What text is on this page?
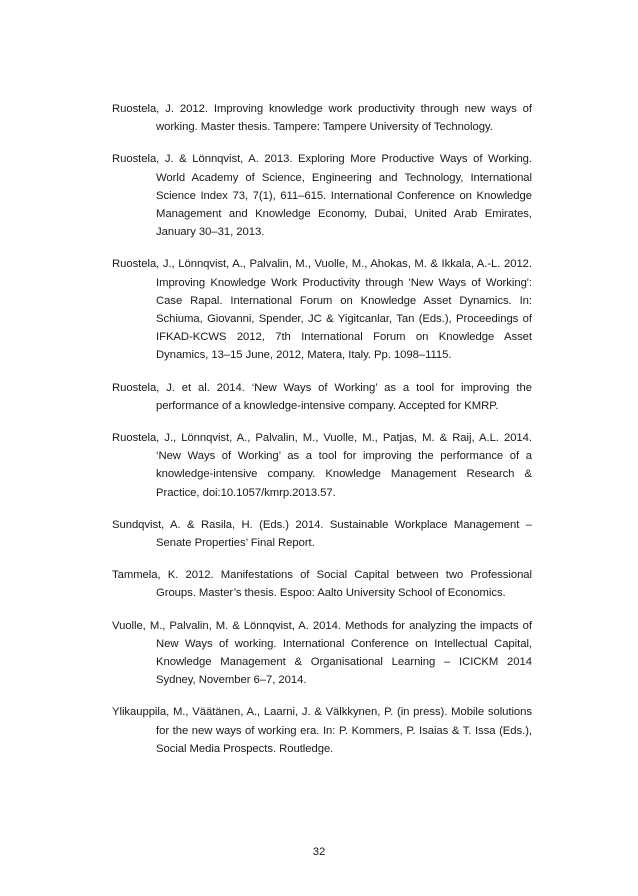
Ruostela, J. 2012. Improving knowledge work productivity through new ways of working. Master thesis. Tampere: Tampere University of Technology.

Ruostela, J. & Lönnqvist, A. 2013. Exploring More Productive Ways of Working. World Academy of Science, Engineering and Technology, International Science Index 73, 7(1), 611–615. International Conference on Knowledge Management and Knowledge Economy, Dubai, United Arab Emirates, January 30–31, 2013.

Ruostela, J., Lönnqvist, A., Palvalin, M., Vuolle, M., Ahokas, M. & Ikkala, A.-L. 2012. Improving Knowledge Work Productivity through 'New Ways of Working': Case Rapal. International Forum on Knowledge Asset Dynamics. In: Schiuma, Giovanni, Spender, JC & Yigitcanlar, Tan (Eds.), Proceedings of IFKAD-KCWS 2012, 7th International Forum on Knowledge Asset Dynamics, 13–15 June, 2012, Matera, Italy. Pp. 1098–1115.

Ruostela, J. et al. 2014. ‘New Ways of Working’ as a tool for improving the performance of a knowledge-intensive company. Accepted for KMRP.

Ruostela, J., Lönnqvist, A., Palvalin, M., Vuolle, M., Patjas, M. & Raij, A.L. 2014. ‘New Ways of Working’ as a tool for improving the performance of a knowledge-intensive company. Knowledge Management Research & Practice, doi:10.1057/kmrp.2013.57.

Sundqvist, A. & Rasila, H. (Eds.) 2014. Sustainable Workplace Management – Senate Properties’ Final Report.

Tammela, K. 2012. Manifestations of Social Capital between two Professional Groups. Master’s thesis. Espoo: Aalto University School of Economics.

Vuolle, M., Palvalin, M. & Lönnqvist, A. 2014. Methods for analyzing the impacts of New Ways of working. International Conference on Intellectual Capital, Knowledge Management & Organisational Learning – ICICKM 2014 Sydney, November 6–7, 2014.

Ylikauppila, M., Väätänen, A., Laarni, J. & Välkkynen, P. (in press). Mobile solutions for the new ways of working era. In: P. Kommers, P. Isaias & T. Issa (Eds.), Social Media Prospects. Routledge.

32
